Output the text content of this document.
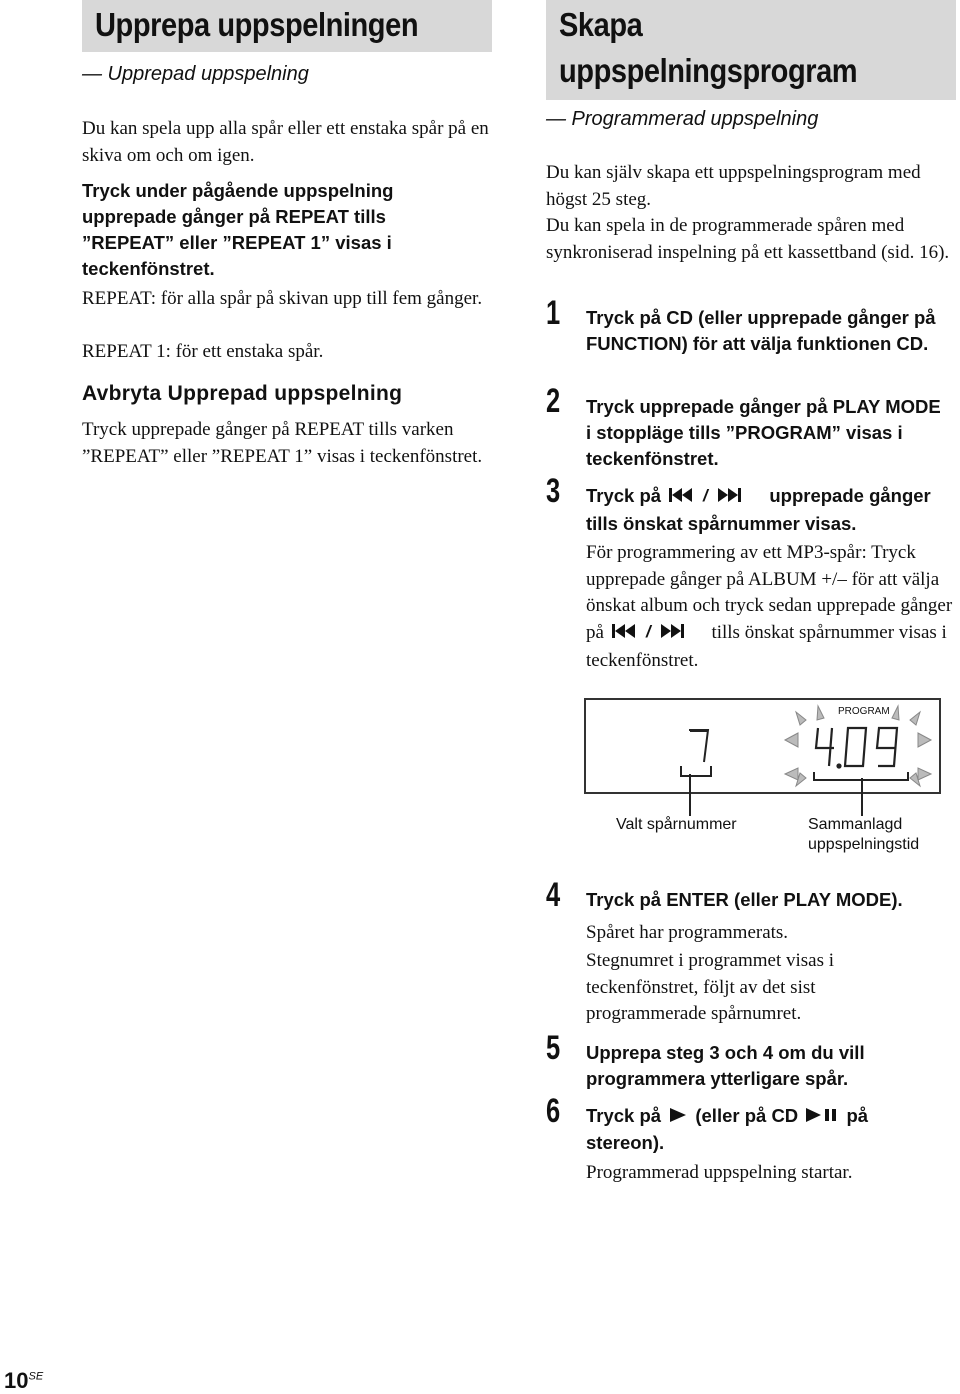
Upprepa uppspelningen
— Upprepad uppspelning

Du kan spela upp alla spår eller ett enstaka spår på en skiva om och om igen.

Tryck under pågående uppspelning upprepade gånger på REPEAT tills ”REPEAT” eller ”REPEAT 1” visas i teckenfönstret.

REPEAT: för alla spår på skivan upp till fem gånger.

REPEAT 1: för ett enstaka spår.

Avbryta Upprepad uppspelning

Tryck upprepade gånger på REPEAT tills varken ”REPEAT” eller ”REPEAT 1” visas i teckenfönstret.

Skapa
uppspelningsprogram
— Programmerad uppspelning

Du kan själv skapa ett uppspelningsprogram med högst 25 steg.

Du kan spela in de programmerade spåren med synkroniserad inspelning på ett kassettband (sid. 16).

1 Tryck på CD (eller upprepade gånger på FUNCTION) för att välja funktionen CD.

2 Tryck upprepade gånger på PLAY MODE i stoppläge tills ”PROGRAM” visas i teckenfönstret.

3 Tryck på /	upprepade gånger tills önskat spårnummer visas.

För programmering av ett MP3-spår: Tryck upprepade gånger på ALBUM +/– för att välja önskat album och tryck sedan upprepade gånger på /	tills önskat spårnummer visas i teckenfönstret.

PROGRAM
Valt spårnummer	Sammanlagd
uppspelningstid
4 Tryck på ENTER (eller PLAY MODE).

Spåret har programmerats.

Stegnumret i programmet visas i teckenfönstret, följt av det sist programmerade spårnumret.

5 Upprepa steg 3 och 4 om du vill programmera ytterligare spår.

6 Tryck på (eller på CD	på stereon).

Programmerad uppspelning startar.

$10^{SE}$
